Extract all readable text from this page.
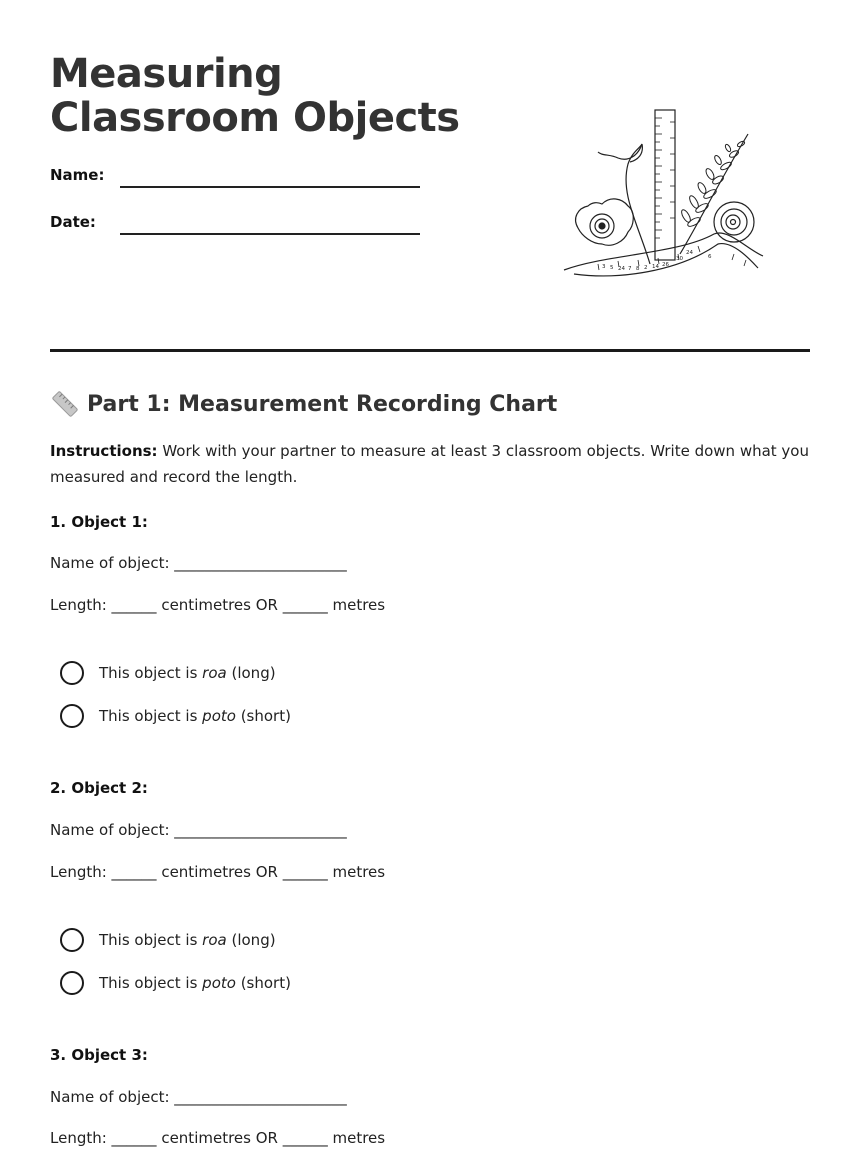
Measuring Classroom Objects
Name:
Date:
3 5 24 7 8 2 14 26
30
24
6
Part 1: Measurement Recording Chart

Instructions: Work with your partner to measure at least 3 classroom objects. Write down what you measured and record the length.

1. Object 1:
Name of object: _______________________
Length: ______ centimetres OR ______ metres
This object is roa (long)
This object is poto (short)
2. Object 2:
Name of object: _______________________
Length: ______ centimetres OR ______ metres
This object is roa (long)
This object is poto (short)
3. Object 3:
Name of object: _______________________
Length: ______ centimetres OR ______ metres
